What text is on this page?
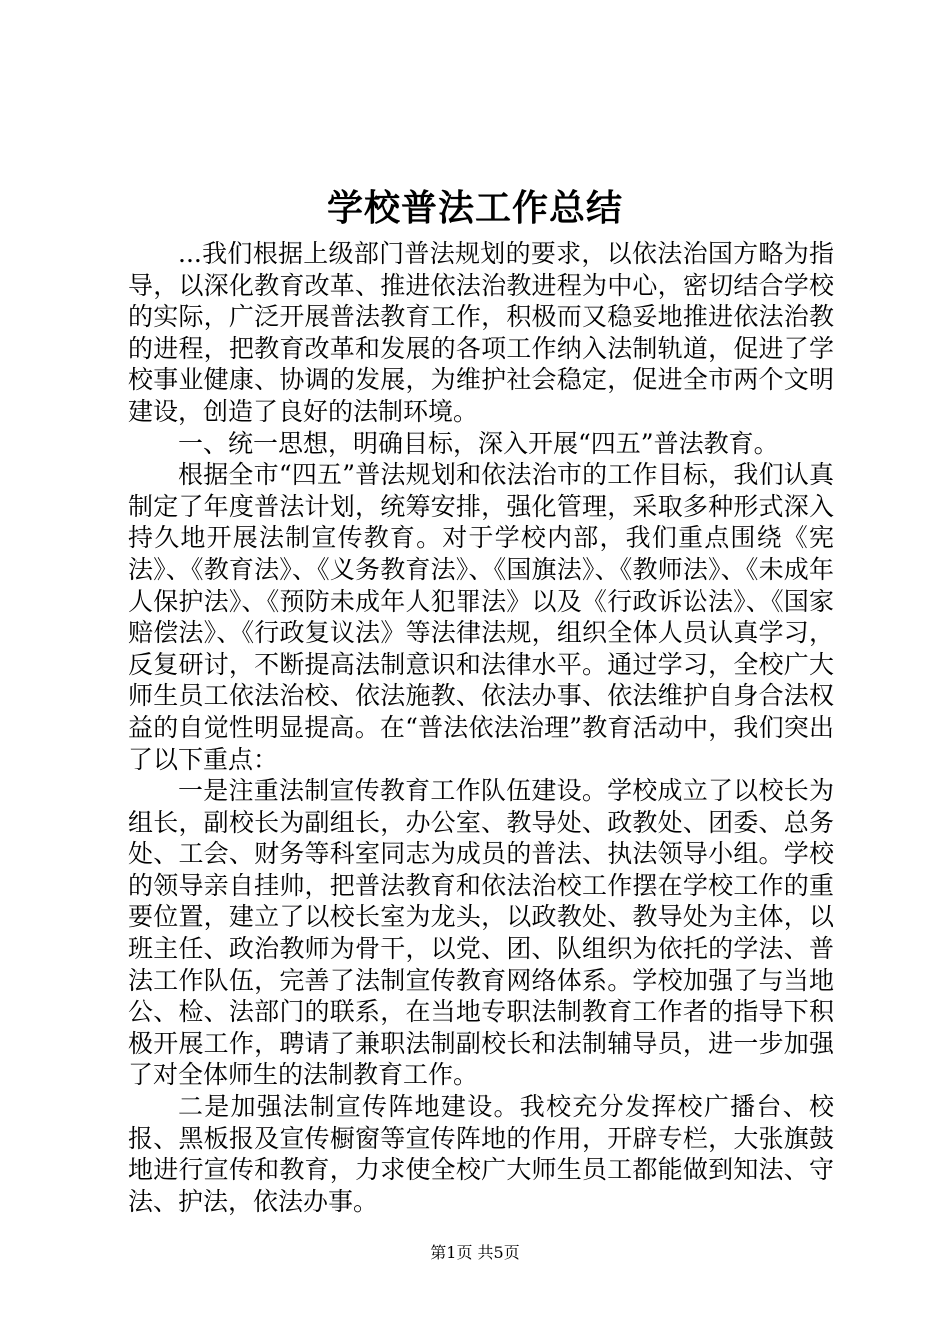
学校普法工作总结

...我们根据上级部门普法规划的要求，以依法治国方略为指导，以深化教育改革、推进依法治教进程为中心，密切结合学校的实际，广泛开展普法教育工作，积极而又稳妥地推进依法治教的进程，把教育改革和发展的各项工作纳入法制轨道，促进了学校事业健康、协调的发展，为维护社会稳定，促进全市两个文明建设，创造了良好的法制环境。

一、统一思想，明确目标，深入开展“四五”普法教育。

根据全市“四五”普法规划和依法治市的工作目标，我们认真制定了年度普法计划，统筹安排，强化管理，采取多种形式深入持久地开展法制宣传教育。对于学校内部，我们重点围绕《宪法》、《教育法》、《义务教育法》、《国旗法》、《教师法》、《未成年人保护法》、《预防未成年人犯罪法》以及《行政诉讼法》、《国家赔偿法》、《行政复议法》等法律法规，组织全体人员认真学习，反复研讨，不断提高法制意识和法律水平。通过学习，全校广大师生员工依法治校、依法施教、依法办事、依法维护自身合法权益的自觉性明显提高。在“普法依法治理”教育活动中，我们突出了以下重点：

一是注重法制宣传教育工作队伍建设。学校成立了以校长为组长，副校长为副组长，办公室、教导处、政教处、团委、总务处、工会、财务等科室同志为成员的普法、执法领导小组。学校的领导亲自挂帅，把普法教育和依法治校工作摆在学校工作的重要位置，建立了以校长室为龙头，以政教处、教导处为主体，以班主任、政治教师为骨干，以党、团、队组织为依托的学法、普法工作队伍，完善了法制宣传教育网络体系。学校加强了与当地公、检、法部门的联系，在当地专职法制教育工作者的指导下积极开展工作，聘请了兼职法制副校长和法制辅导员，进一步加强了对全体师生的法制教育工作。

二是加强法制宣传阵地建设。我校充分发挥校广播台、校报、黑板报及宣传橱窗等宣传阵地的作用，开辟专栏，大张旗鼓地进行宣传和教育，力求使全校广大师生员工都能做到知法、守法、护法，依法办事。

第1页 共5页
